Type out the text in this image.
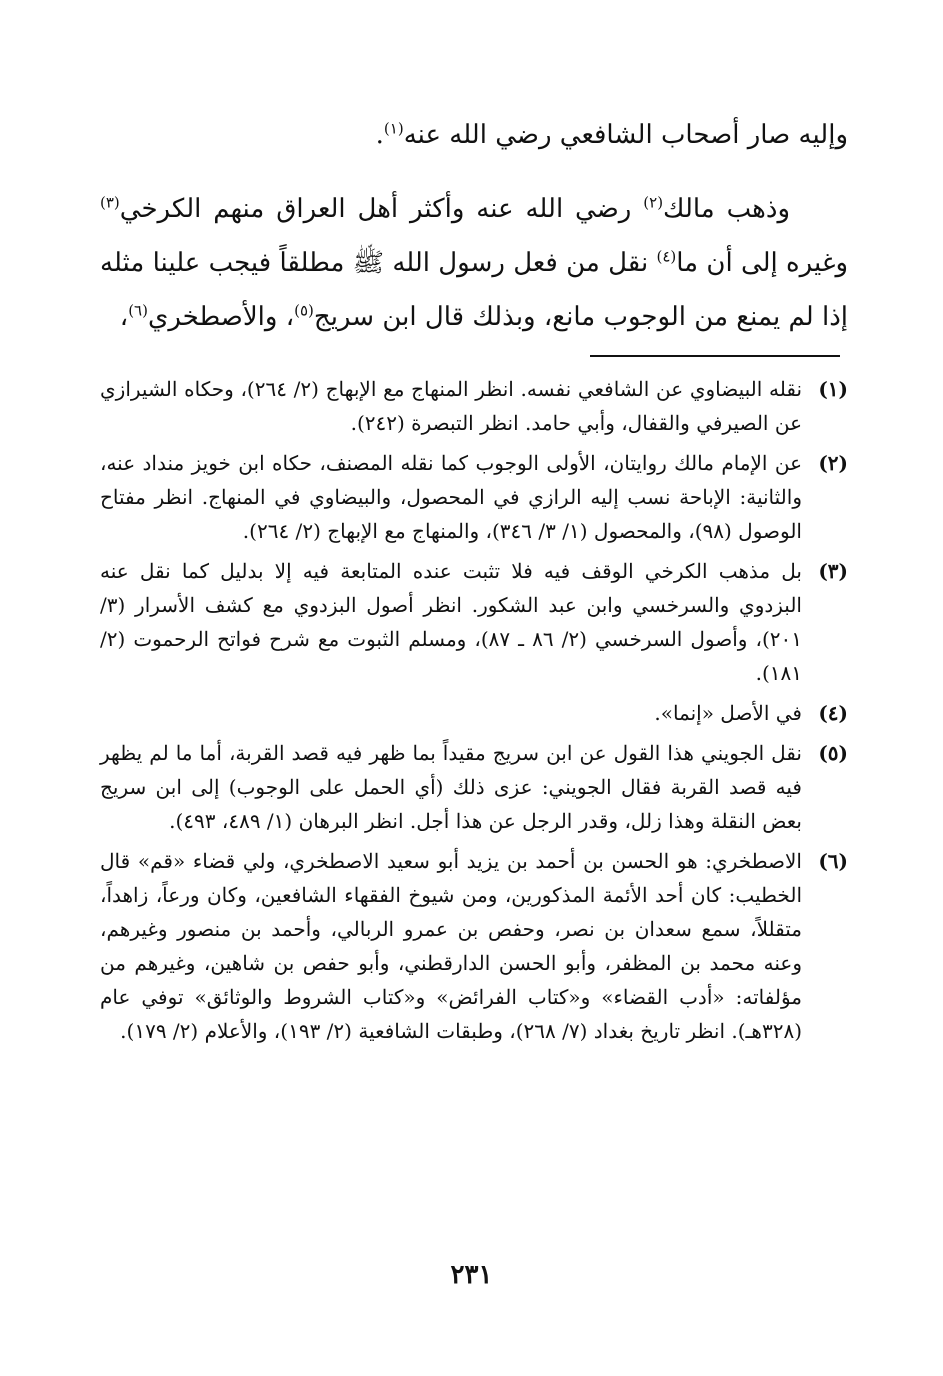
وإليه صار أصحاب الشافعي رضي الله عنه$^{(١)}$.

وذهب مالك$^{(٢)}$ رضي الله عنه وأكثر أهل العراق منهم الكرخي$^{(٣)}$ وغيره إلى أن ما$^{(٤)}$ نقل من فعل رسول الله ﷺ مطلقاً فيجب علينا مثله إذا لم يمنع من الوجوب مانع، وبذلك قال ابن سريج$^{(٥)}$، والأصطخري$^{(٦)}$،

(١)
نقله البيضاوي عن الشافعي نفسه. انظر المنهاج مع الإبهاج (٢/ ٢٦٤)، وحكاه الشيرازي عن الصيرفي والقفال، وأبي حامد. انظر التبصرة (٢٤٢).
(٢)
عن الإمام مالك روايتان، الأولى الوجوب كما نقله المصنف، حكاه ابن خويز منداد عنه، والثانية: الإباحة نسب إليه الرازي في المحصول، والبيضاوي في المنهاج. انظر مفتاح الوصول (٩٨)، والمحصول (١/ ٣/ ٣٤٦)، والمنهاج مع الإبهاج (٢/ ٢٦٤).
(٣)
بل مذهب الكرخي الوقف فيه فلا تثبت عنده المتابعة فيه إلا بدليل كما نقل عنه البزدوي والسرخسي وابن عبد الشكور. انظر أصول البزدوي مع كشف الأسرار (٣/ ٢٠١)، وأصول السرخسي (٢/ ٨٦ ـ ٨٧)، ومسلم الثبوت مع شرح فواتح الرحموت (٢/ ١٨١).
(٤)
في الأصل «إنما».
(٥)
نقل الجويني هذا القول عن ابن سريج مقيداً بما ظهر فيه قصد القربة، أما ما لم يظهر فيه قصد القربة فقال الجويني: عزى ذلك (أي الحمل على الوجوب) إلى ابن سريج بعض النقلة وهذا زلل، وقدر الرجل عن هذا أجل. انظر البرهان (١/ ٤٨٩، ٤٩٣).
(٦)
الاصطخري: هو الحسن بن أحمد بن يزيد أبو سعيد الاصطخري، ولي قضاء «قم» قال الخطيب: كان أحد الأئمة المذكورين، ومن شيوخ الفقهاء الشافعين، وكان ورعاً، زاهداً، متقللاً، سمع سعدان بن نصر، وحفص بن عمرو الربالي، وأحمد بن منصور وغيرهم، وعنه محمد بن المظفر، وأبو الحسن الدارقطني، وأبو حفص بن شاهين، وغيرهم من مؤلفاته: «أدب القضاء» و«كتاب الفرائض» و«كتاب الشروط والوثائق» توفي عام (٣٢٨هـ). انظر تاريخ بغداد (٧/ ٢٦٨)، وطبقات الشافعية (٢/ ١٩٣)، والأعلام (٢/ ١٧٩).
٢٣١
